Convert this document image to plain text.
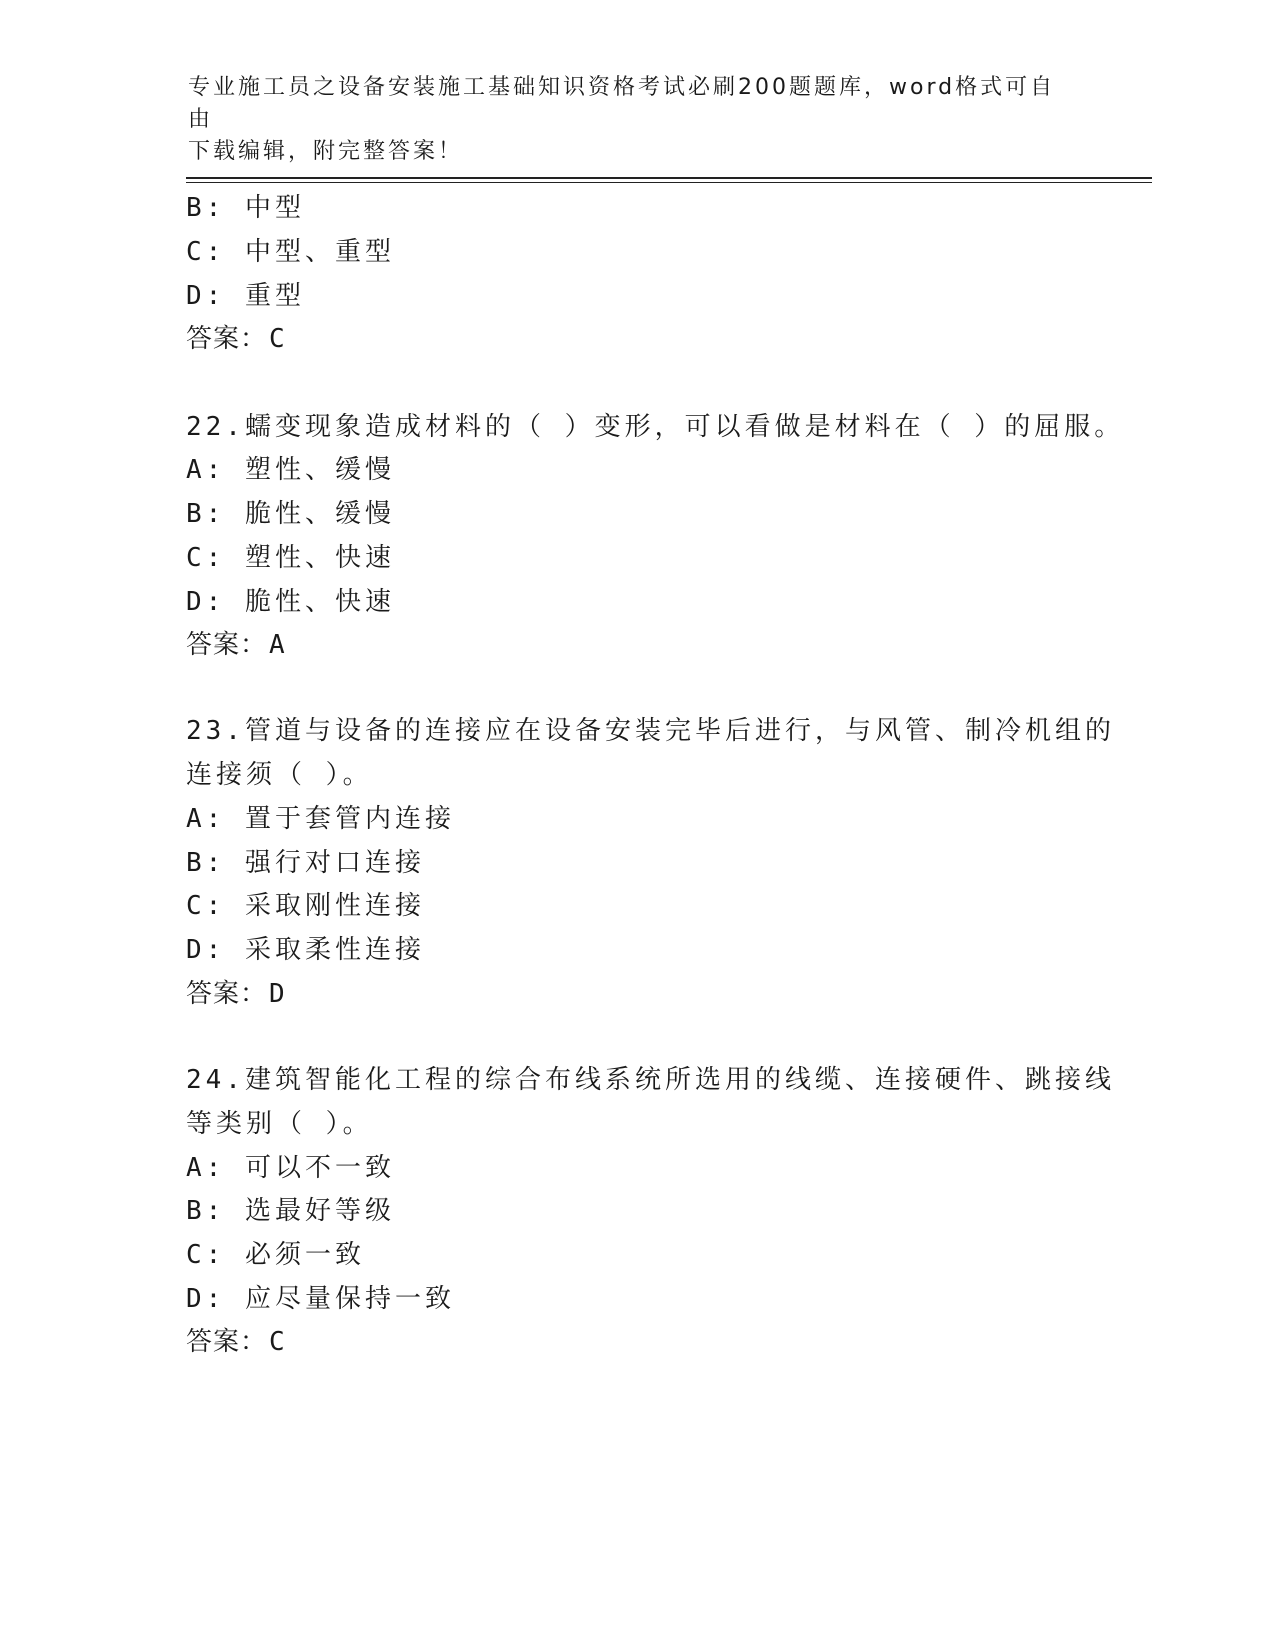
专业施工员之设备安装施工基础知识资格考试必刷200题题库，word格式可自由
下载编辑，附完整答案！
B: 中型
C: 中型、重型
D: 重型
答案：C
22.蠕变现象造成材料的（ ）变形，可以看做是材料在（ ）的屈服。
A: 塑性、缓慢
B: 脆性、缓慢
C: 塑性、快速
D: 脆性、快速
答案：A
23.管道与设备的连接应在设备安装完毕后进行，与风管、制冷机组的
连接须（ ）。
A: 置于套管内连接
B: 强行对口连接
C: 采取刚性连接
D: 采取柔性连接
答案：D
24.建筑智能化工程的综合布线系统所选用的线缆、连接硬件、跳接线
等类别（ ）。
A: 可以不一致
B: 选最好等级
C: 必须一致
D: 应尽量保持一致
答案：C
